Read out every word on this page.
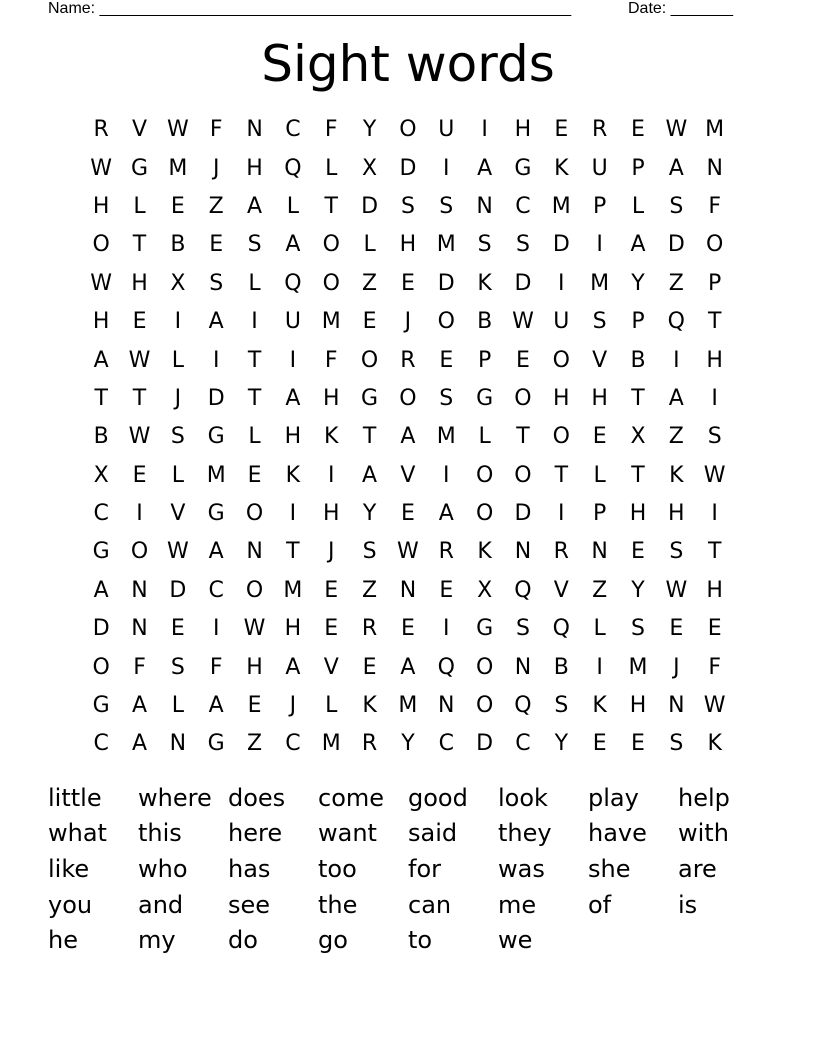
Name: _____________________________________________________	Date: _______
Sight words
R	V W F	N	C	F	Y	O U	I	H	E	R	E W M
W G M	J	H Q	L	X	D	I	A	G	K	U	P	A	N
H	L	E	Z	A	L	T	D	S	S	N	C M	P	L	S	F
O	T	B	E	S	A	O	L	H M S	S	D	I	A	D O
W H	X	S	L	Q O	Z	E	D	K	D	I	M	Y	Z	P
H	E	I	A	I	U M E	J	O	B W U	S	P	Q	T
A W L	I	T	I	F	O	R	E	P	E	O	V	B	I	H
T	T	J	D	T	A	H G O	S	G O H H	T	A	I
B W S	G	L	H	K	T	A M	L	T	O	E	X	Z	S
X	E	L	M E	K	I	A	V	I	O O	T	L	T	K W
C	I	V	G O	I	H	Y	E	A	O D	I	P	H H	I
G O W A	N	T	J	S W R	K	N	R	N	E	S	T
A	N D	C O M E	Z	N	E	X	Q	V	Z	Y W H
D N	E	I	W H	E	R	E	I	G	S	Q	L	S	E	E
O	F	S	F	H	A	V	E	A	Q O N	B	I	M	J	F
G	A	L	A	E	J	L	K M N O Q	S	K	H N W
C	A	N G	Z	C M R	Y	C	D	C	Y	E	E	S	K
little	where does	come good	look	play	help
what	this	here	want	said	they	have	with
like	who	has	too	for	was	she	are
you	and	see	the	can	me	of	is
he	my	do	go	to	we
